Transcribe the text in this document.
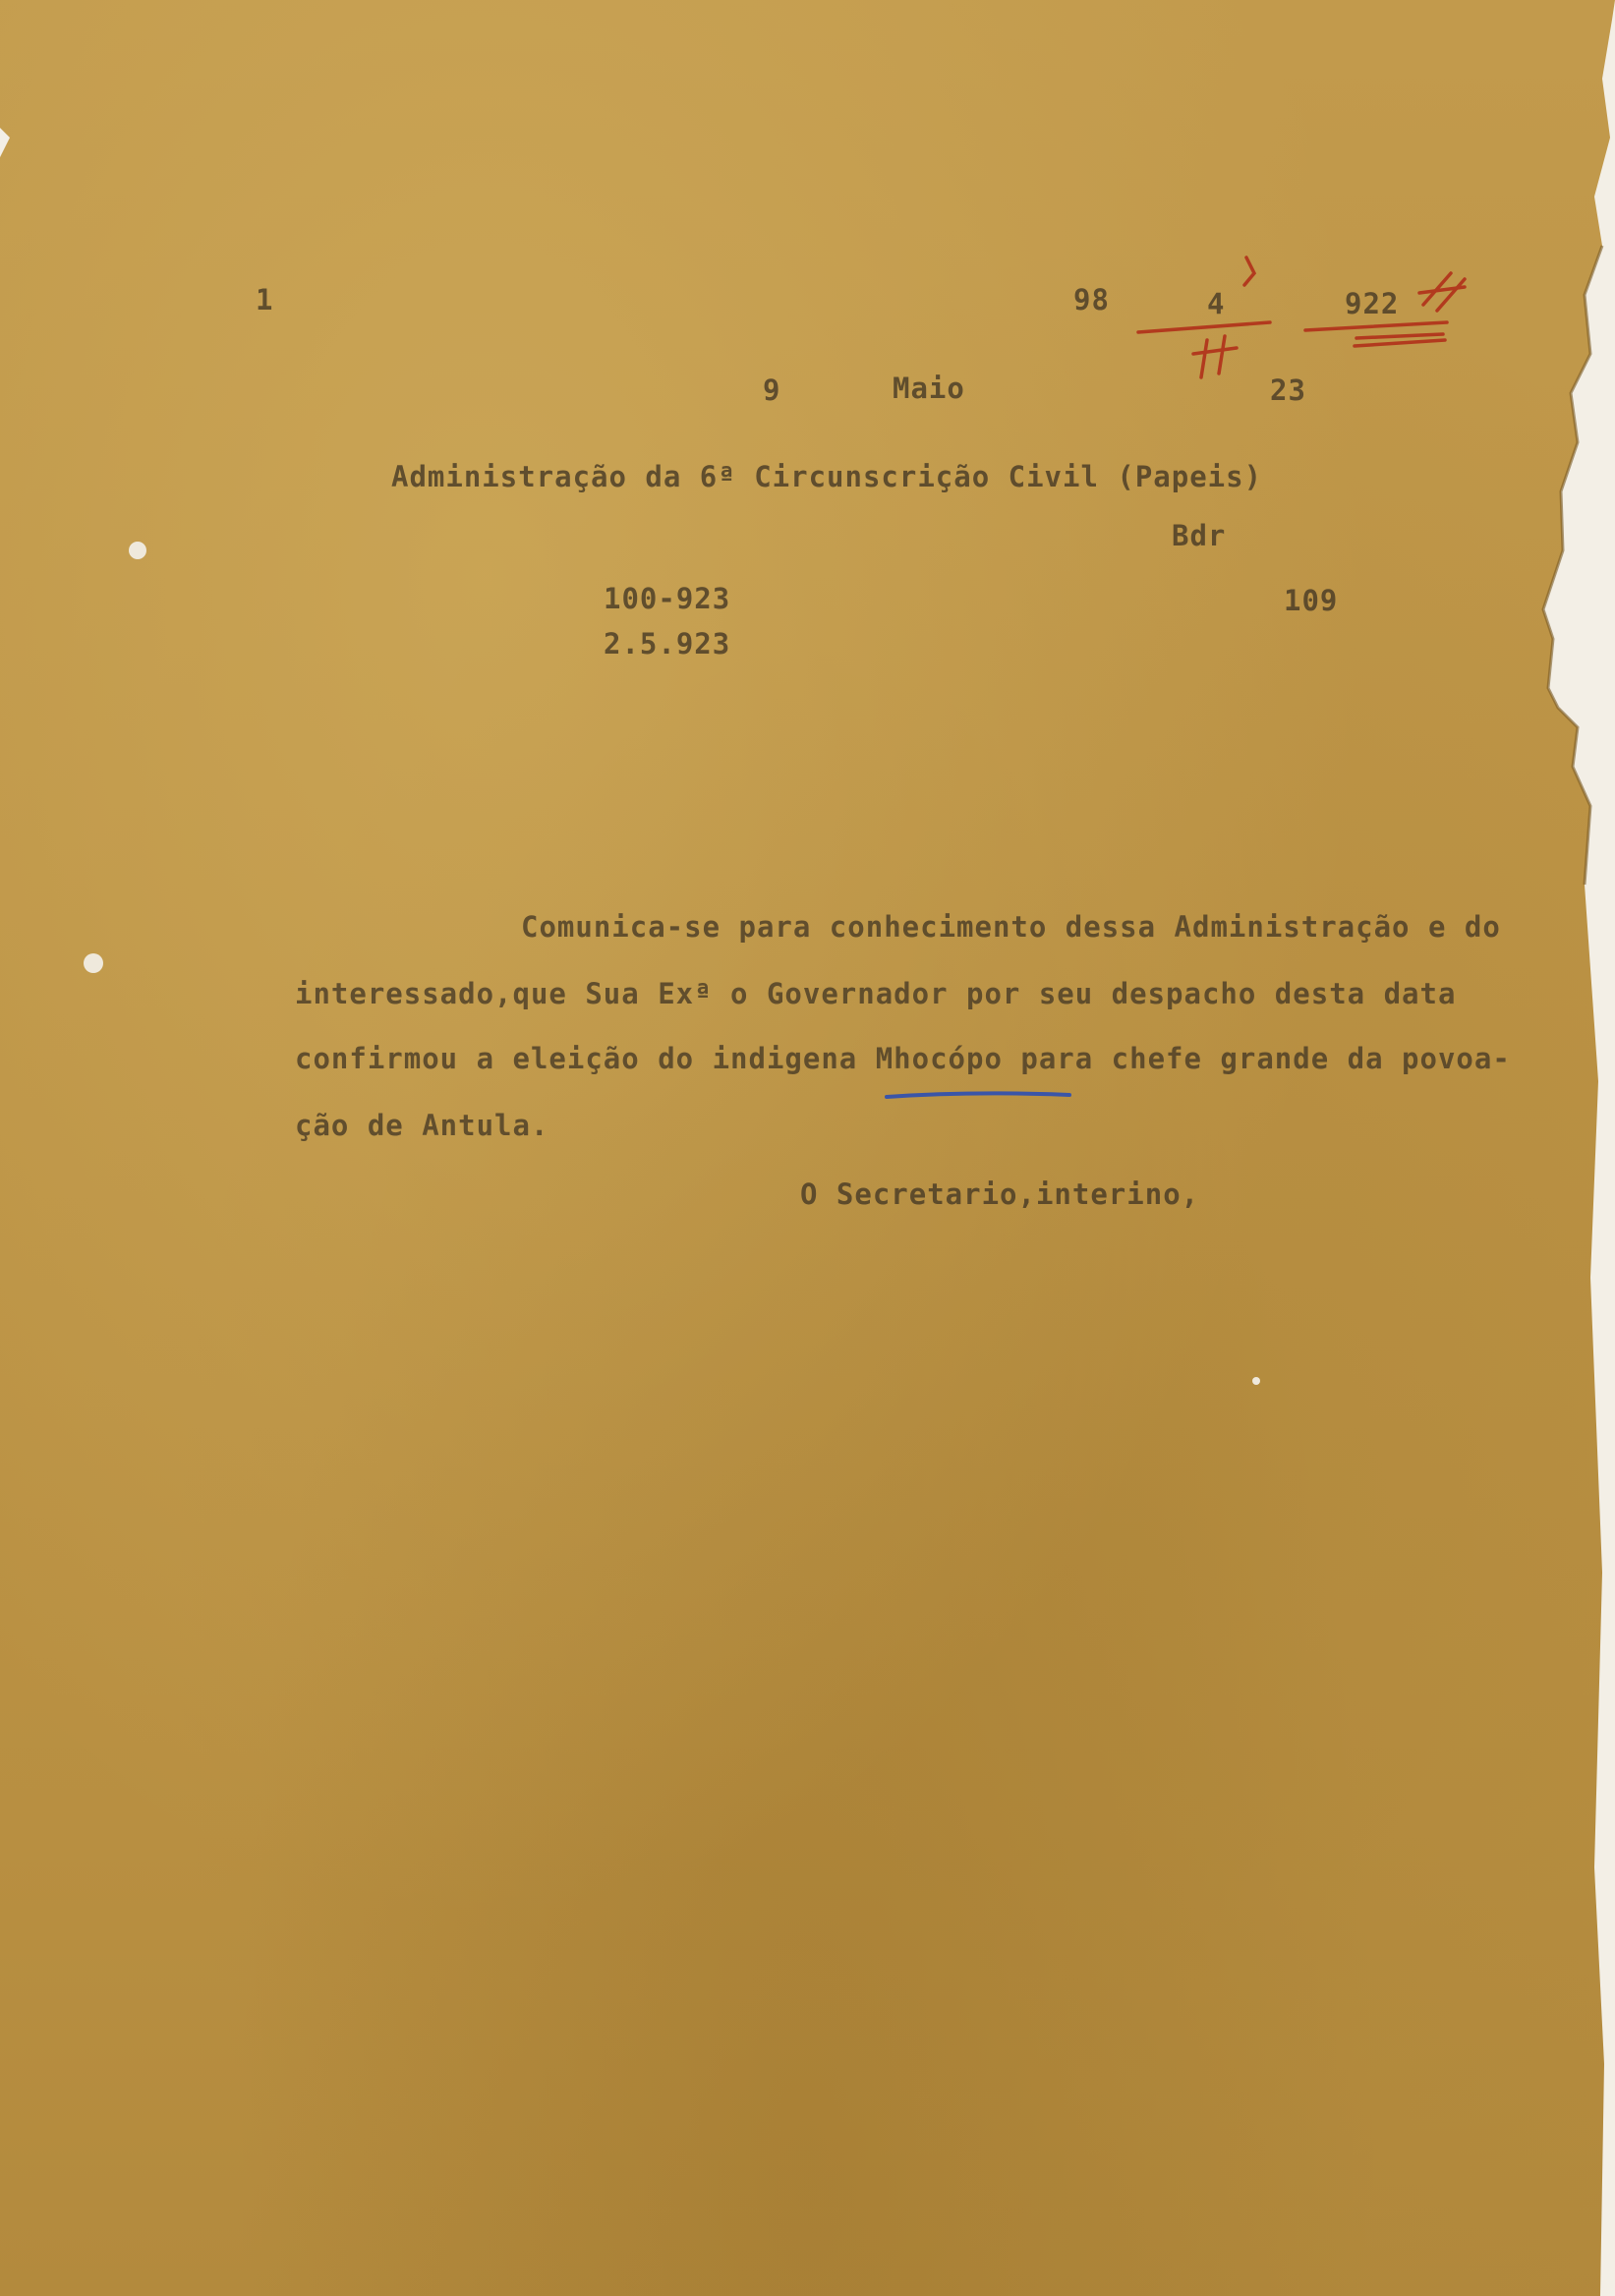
1	98	4	922

9	Maio	23

Administração da 6ª Circunscrição Civil (Papeis)

Bdr

100-923	109

2.5.923

Comunica-se para conhecimento dessa Administração e do

interessado,que Sua Exª o Governador por seu despacho desta data

confirmou a eleição do indigena Mhocópo para chefe grande da povoa-

ção de Antula.

O Secretario,interino,
